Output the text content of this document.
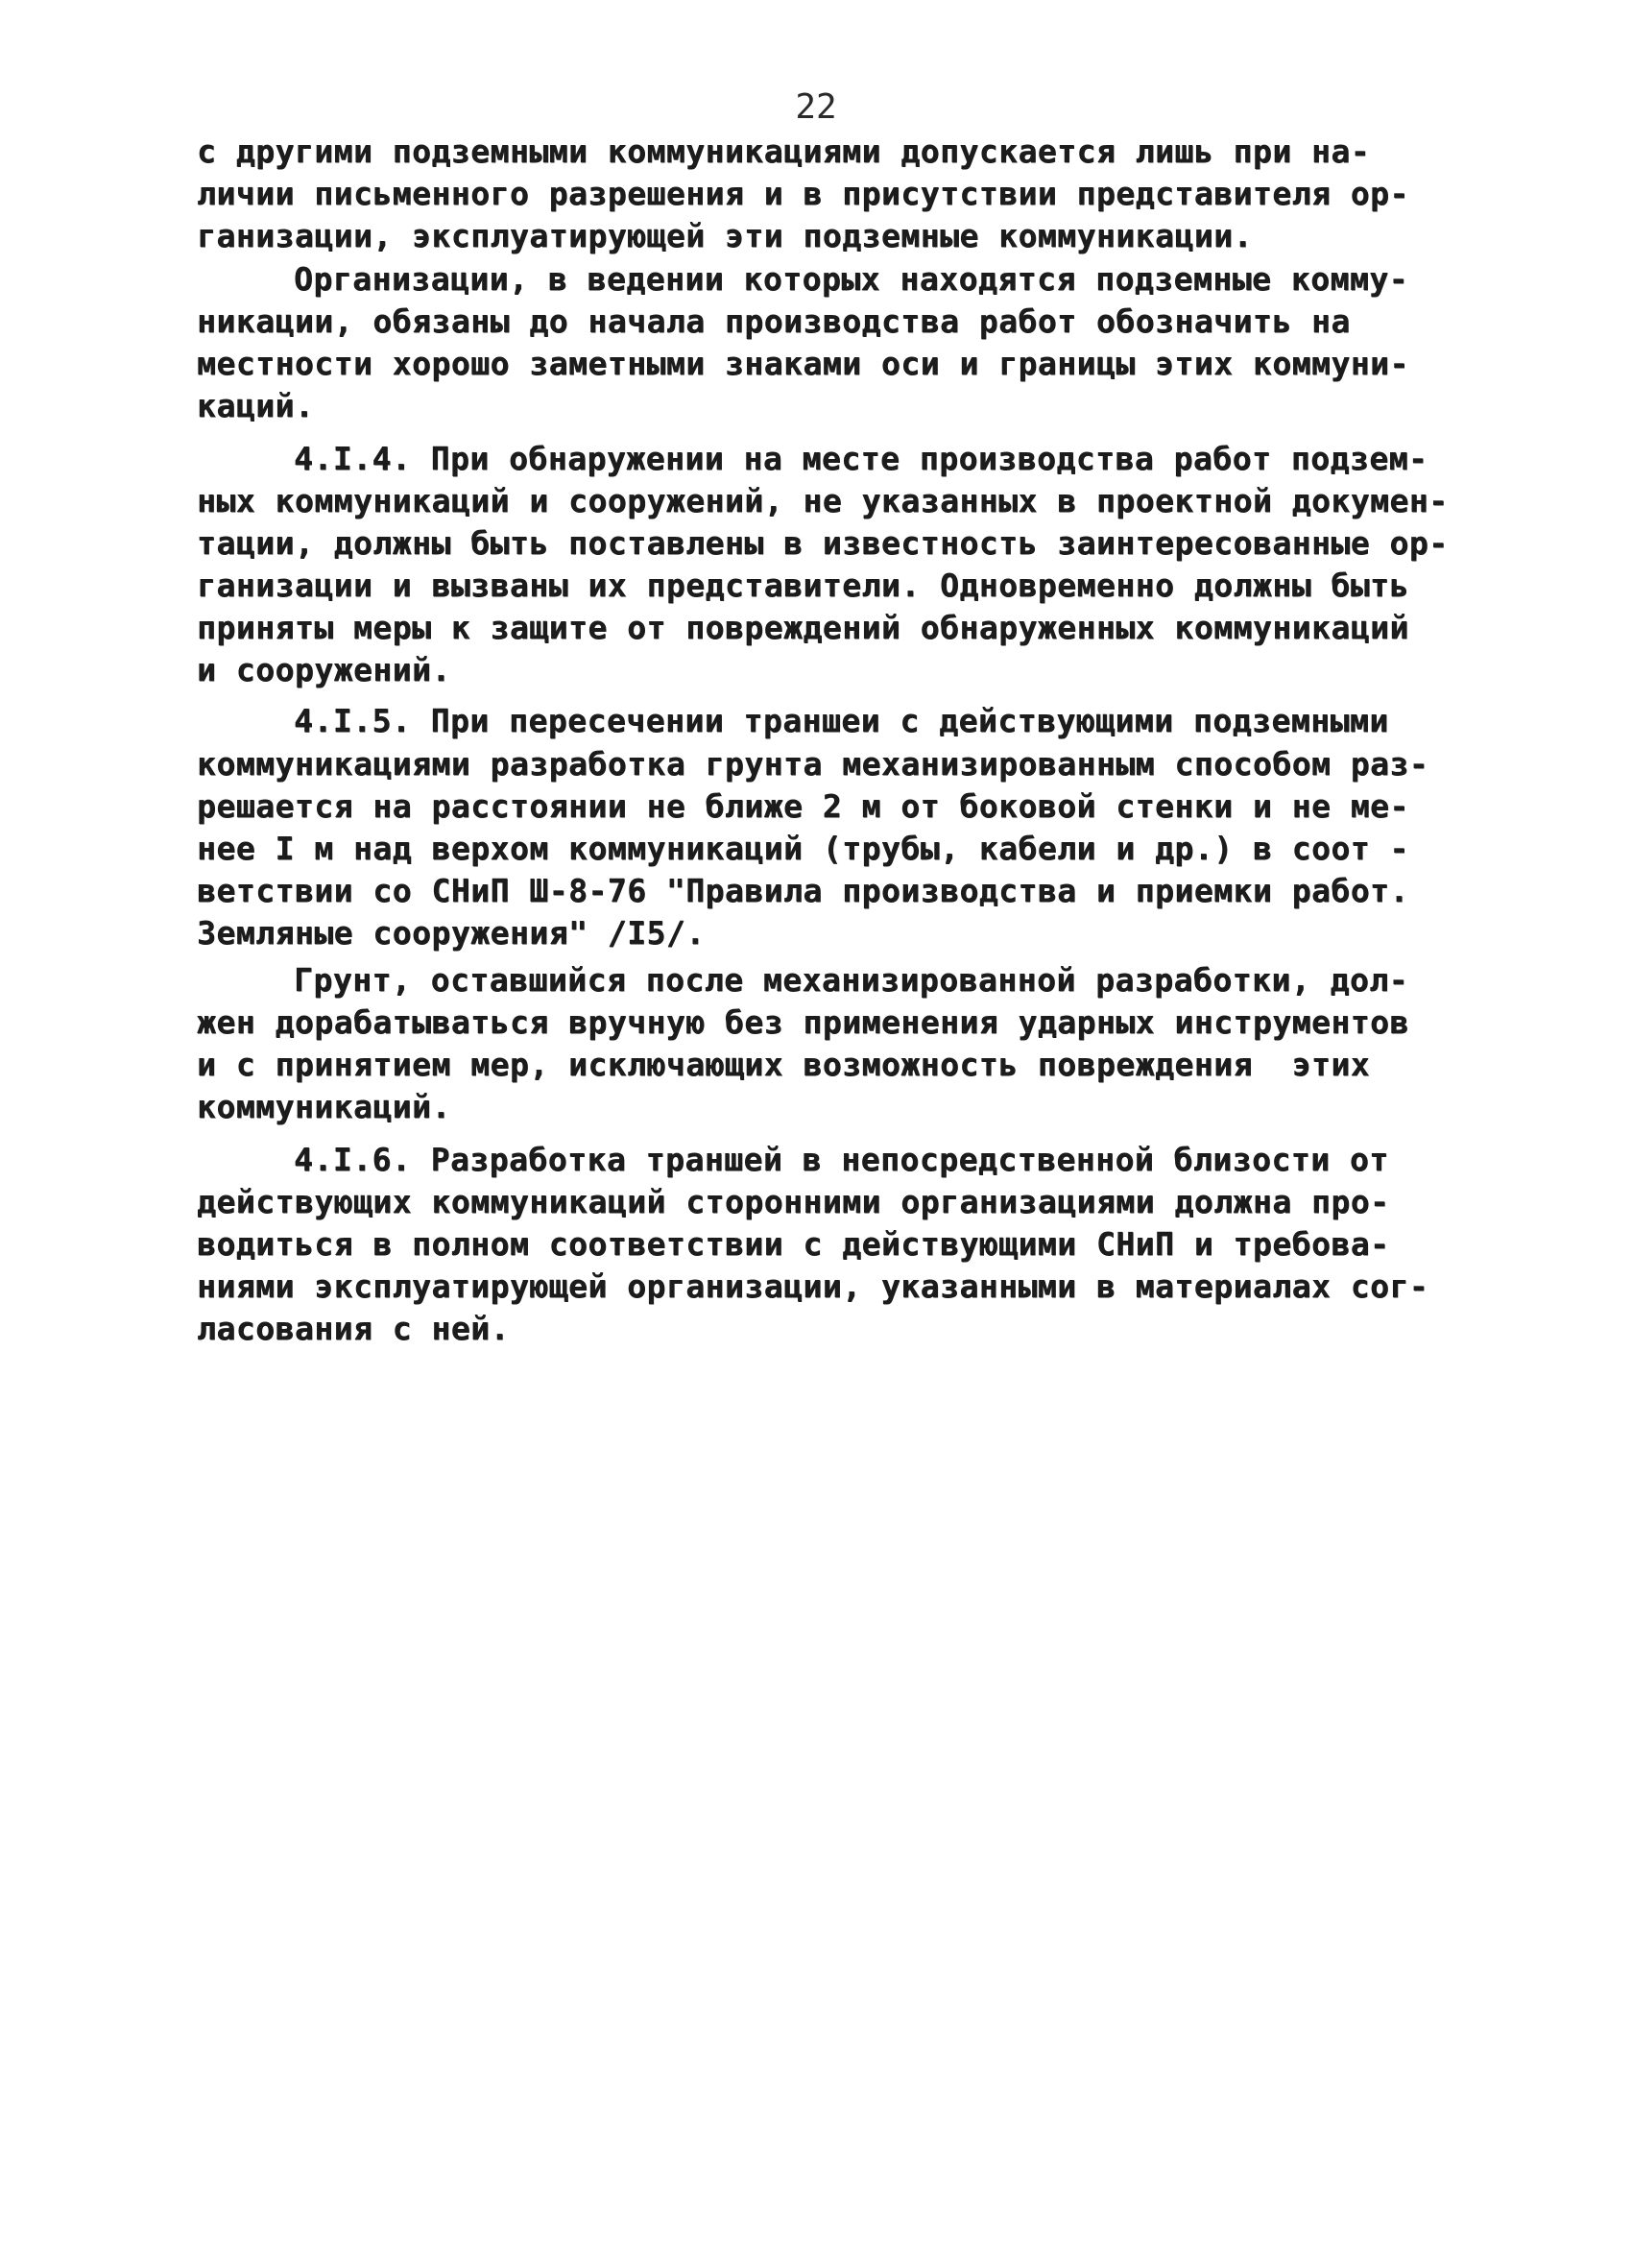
22
с другими подземными коммуникациями допускается лишь при на-
личии письменного разрешения и в присутствии представителя ор-
ганизации, эксплуатирующей эти подземные коммуникации.
Организации, в ведении которых находятся подземные комму-
никации, обязаны до начала производства работ обозначить на
местности хорошо заметными знаками оси и границы этих коммуни-
каций.
4.I.4. При обнаружении на месте производства работ подзем-
ных коммуникаций и сооружений, не указанных в проектной докумен-
тации, должны быть поставлены в известность заинтересованные ор-
ганизации и вызваны их представители. Одновременно должны быть
приняты меры к защите от повреждений обнаруженных коммуникаций
и сооружений.
4.I.5. При пересечении траншеи с действующими подземными
коммуникациями разработка грунта механизированным способом раз-
решается на расстоянии не ближе 2 м от боковой стенки и не ме-
нее I м над верхом коммуникаций (трубы, кабели и др.) в соот -
ветствии со СНиП Ш-8-76 "Правила производства и приемки работ.
Земляные сооружения" /I5/.
Грунт, оставшийся после механизированной разработки, дол-
жен дорабатываться вручную без применения ударных инструментов
и с принятием мер, исключающих возможность повреждения  этих
коммуникаций.
4.I.6. Разработка траншей в непосредственной близости от
действующих коммуникаций сторонними организациями должна про-
водиться в полном соответствии с действующими СНиП и требова-
ниями эксплуатирующей организации, указанными в материалах сог-
ласования с ней.
